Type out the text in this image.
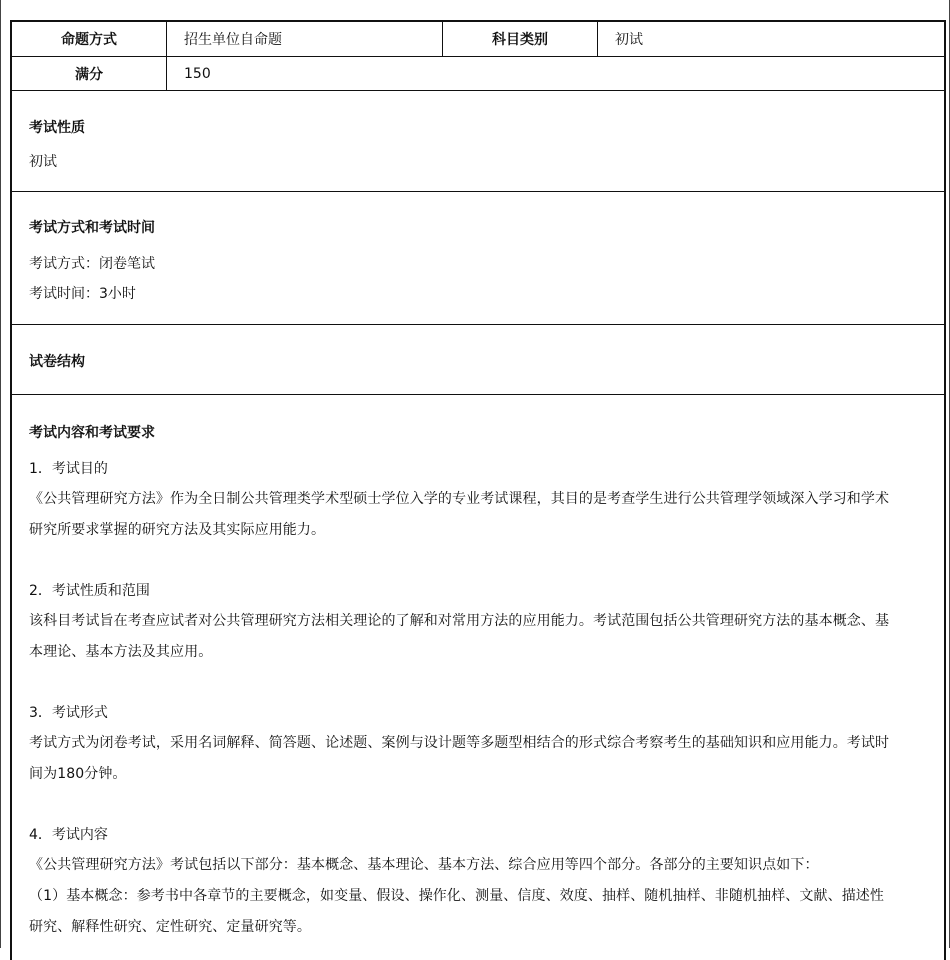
命题方式	招生单位自命题	科目类别	初试
满分	150
考试性质
初试
考试方式和考试时间
考试方式：闭卷笔试
考试时间：3小时
试卷结构
考试内容和考试要求
1．考试目的
《公共管理研究方法》作为全日制公共管理类学术型硕士学位入学的专业考试课程，其目的是考查学生进行公共管理学领域深入学习和学术
研究所要求掌握的研究方法及其实际应用能力。
2．考试性质和范围
该科目考试旨在考查应试者对公共管理研究方法相关理论的了解和对常用方法的应用能力。考试范围包括公共管理研究方法的基本概念、基
本理论、基本方法及其应用。
3．考试形式
考试方式为闭卷考试，采用名词解释、简答题、论述题、案例与设计题等多题型相结合的形式综合考察考生的基础知识和应用能力。考试时
间为180分钟。
4．考试内容
《公共管理研究方法》考试包括以下部分：基本概念、基本理论、基本方法、综合应用等四个部分。各部分的主要知识点如下：
（1）基本概念：参考书中各章节的主要概念，如变量、假设、操作化、测量、信度、效度、抽样、随机抽样、非随机抽样、文献、描述性
研究、解释性研究、定性研究、定量研究等。
